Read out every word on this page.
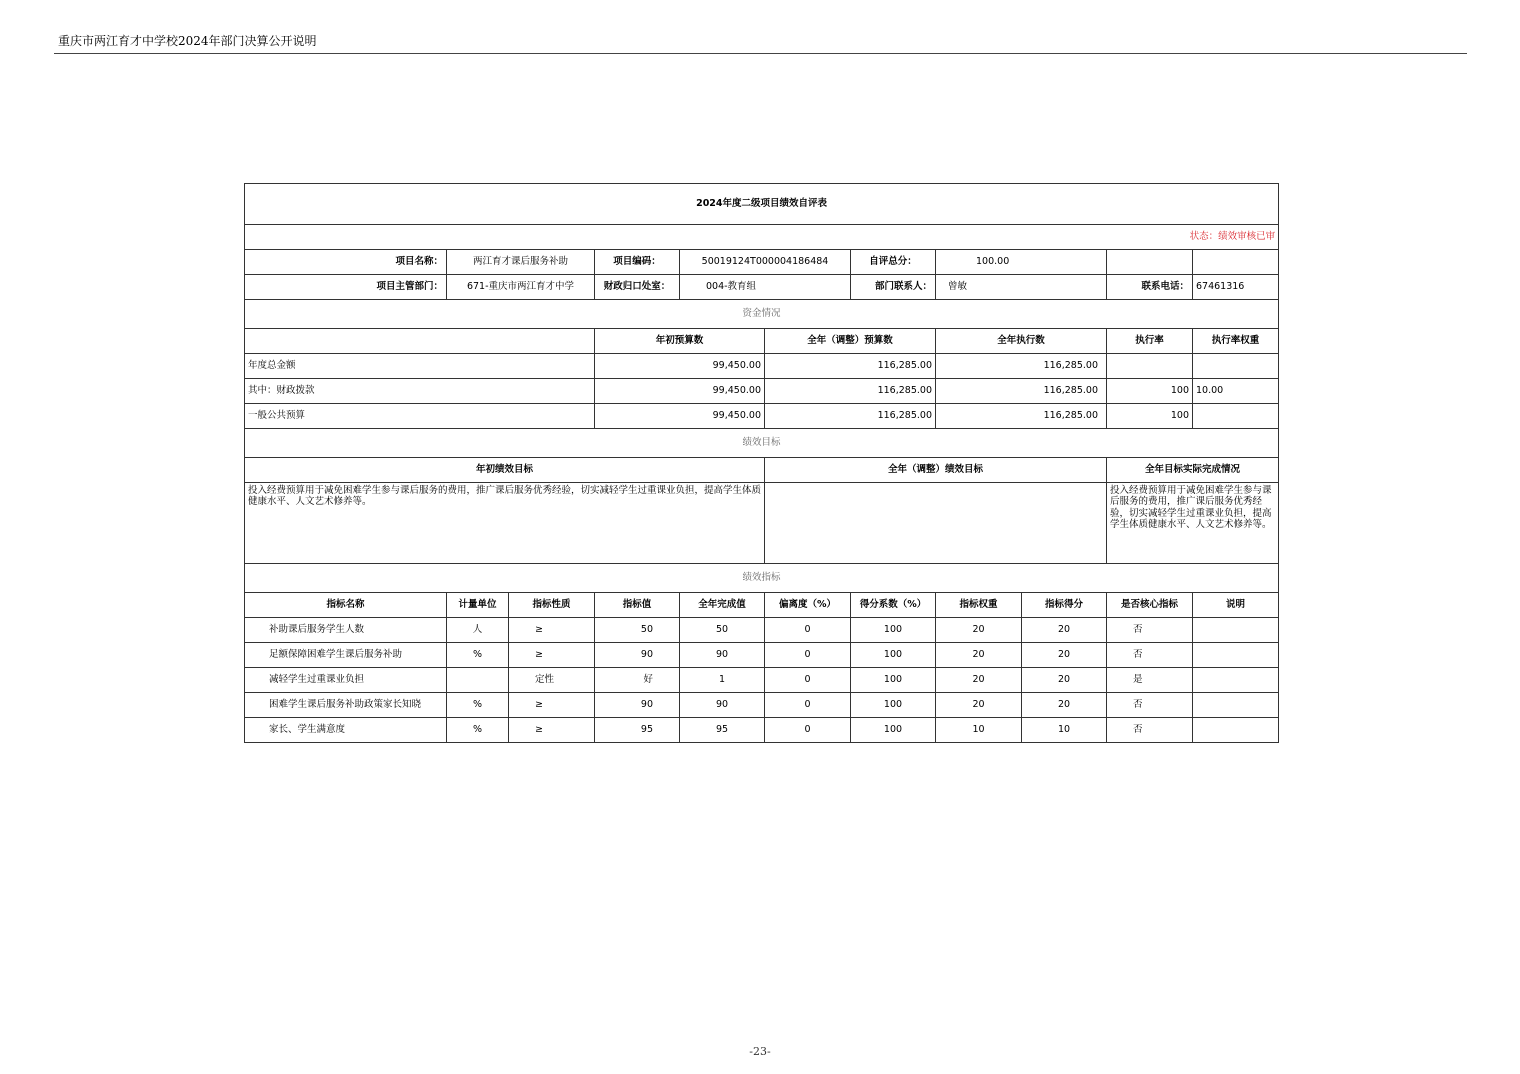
重庆市两江育才中学校2024年部门决算公开说明
2024年度二级项目绩效自评表											
状态：绩效审核已审											
项目名称：	两江育才课后服务补助		项目编码：	50019124T000004186484		自评总分：	100.00				
项目主管部门：	671-重庆市两江育才中学		财政归口处室：	004-教育组		部门联系人：	曾敏		联系电话：	67461316	
资金情况											
			年初预算数		全年（调整）预算数		全年执行数		执行率	执行率权重	
年度总金额			99,450.00		116,285.00		116,285.00				
其中：财政拨款			99,450.00		116,285.00		116,285.00		100	10.00	
一般公共预算			99,450.00		116,285.00		116,285.00		100		
绩效目标											
年初绩效目标					全年（调整）绩效目标				全年目标实际完成情况		
投入经费预算用于减免困难学生参与课后服务的费用，推广课后服务优秀经验，切实减轻学生过重课业负担，提高学生体质健康水平、人文艺术修养等。									投入经费预算用于减免困难学生参与课后服务的费用，推广课后服务优秀经验，切实减轻学生过重课业负担，提高学生体质健康水平、人文艺术修养等。		
绩效指标											
指标名称	计量单位	指标性质	指标值	全年完成值	偏离度（%）	得分系数（%）	指标权重	指标得分	是否核心指标	说明	
补助课后服务学生人数	人	≥	50	50	0	100	20	20	否		
足额保障困难学生课后服务补助	%	≥	90	90	0	100	20	20	否		
减轻学生过重课业负担		定性	好	1	0	100	20	20	是		
困难学生课后服务补助政策家长知晓	%	≥	90	90	0	100	20	20	否		
家长、学生满意度	%	≥	95	95	0	100	10	10	否		
-23-
